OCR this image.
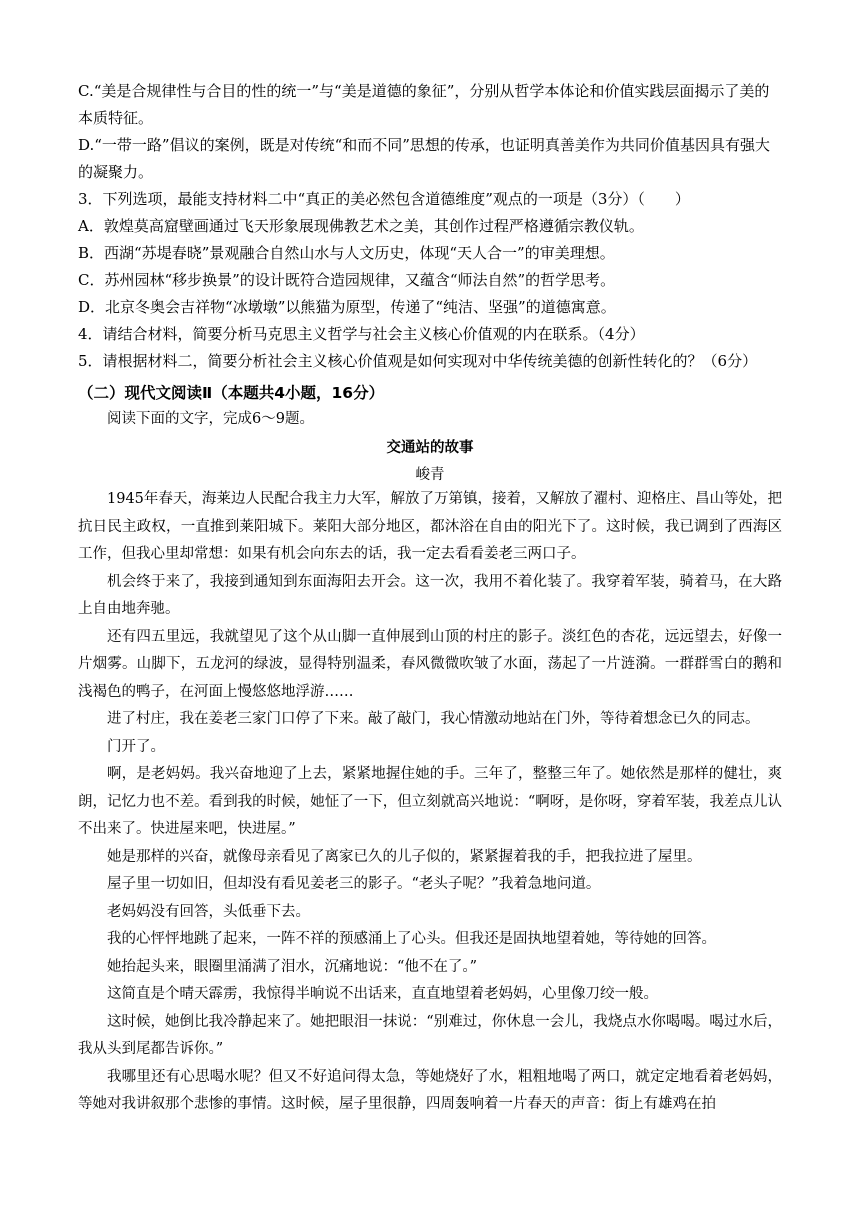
C.“美是合规律性与合目的性的统一”与“美是道德的象征”，分别从哲学本体论和价值实践层面揭示了美的本质特征。
D.“一带一路”倡议的案例，既是对传统“和而不同”思想的传承，也证明真善美作为共同价值基因具有强大的凝聚力。
3．下列选项，最能支持材料二中“真正的美必然包含道德维度”观点的一项是（3分）（　　）
A．敦煌莫高窟壁画通过飞天形象展现佛教艺术之美，其创作过程严格遵循宗教仪轨。
B．西湖“苏堤春晓”景观融合自然山水与人文历史，体现“天人合一”的审美理想。
C．苏州园林“移步换景”的设计既符合造园规律，又蕴含“师法自然”的哲学思考。
D．北京冬奥会吉祥物“冰墩墩”以熊猫为原型，传递了“纯洁、坚强”的道德寓意。
4．请结合材料，简要分析马克思主义哲学与社会主义核心价值观的内在联系。（4分）
5．请根据材料二，简要分析社会主义核心价值观是如何实现对中华传统美德的创新性转化的？（6分）
（二）现代文阅读Ⅱ（本题共4小题，16分）

阅读下面的文字，完成6～9题。

交通站的故事
峻青

1945年春天，海莱边人民配合我主力大军，解放了万第镇，接着，又解放了濯村、迎格庄、昌山等处，把抗日民主政权，一直推到莱阳城下。莱阳大部分地区，都沐浴在自由的阳光下了。这时候，我已调到了西海区工作，但我心里却常想：如果有机会向东去的话，我一定去看看姜老三两口子。

机会终于来了，我接到通知到东面海阳去开会。这一次，我用不着化装了。我穿着军装，骑着马，在大路上自由地奔驰。

还有四五里远，我就望见了这个从山脚一直伸展到山顶的村庄的影子。淡红色的杏花，远远望去，好像一片烟雾。山脚下，五龙河的绿波，显得特别温柔，春风微微吹皱了水面，荡起了一片涟漪。一群群雪白的鹅和浅褐色的鸭子，在河面上慢悠悠地浮游……

进了村庄，我在姜老三家门口停了下来。敲了敲门，我心情激动地站在门外，等待着想念已久的同志。

门开了。

啊，是老妈妈。我兴奋地迎了上去，紧紧地握住她的手。三年了，整整三年了。她依然是那样的健壮，爽朗，记忆力也不差。看到我的时候，她怔了一下，但立刻就高兴地说：“啊呀，是你呀，穿着军装，我差点儿认不出来了。快进屋来吧，快进屋。”

她是那样的兴奋，就像母亲看见了离家已久的儿子似的，紧紧握着我的手，把我拉进了屋里。

屋子里一切如旧，但却没有看见姜老三的影子。“老头子呢？”我着急地问道。

老妈妈没有回答，头低垂下去。

我的心怦怦地跳了起来，一阵不祥的预感涌上了心头。但我还是固执地望着她，等待她的回答。

她抬起头来，眼圈里涌满了泪水，沉痛地说：“他不在了。”

这简直是个晴天霹雳，我惊得半晌说不出话来，直直地望着老妈妈，心里像刀绞一般。

这时候，她倒比我冷静起来了。她把眼泪一抹说：“别难过，你休息一会儿，我烧点水你喝喝。喝过水后，我从头到尾都告诉你。”

我哪里还有心思喝水呢？但又不好追问得太急，等她烧好了水，粗粗地喝了两口，就定定地看着老妈妈，等她对我讲叙那个悲惨的事情。这时候，屋子里很静，四周轰响着一片春天的声音：街上有雄鸡在拍
